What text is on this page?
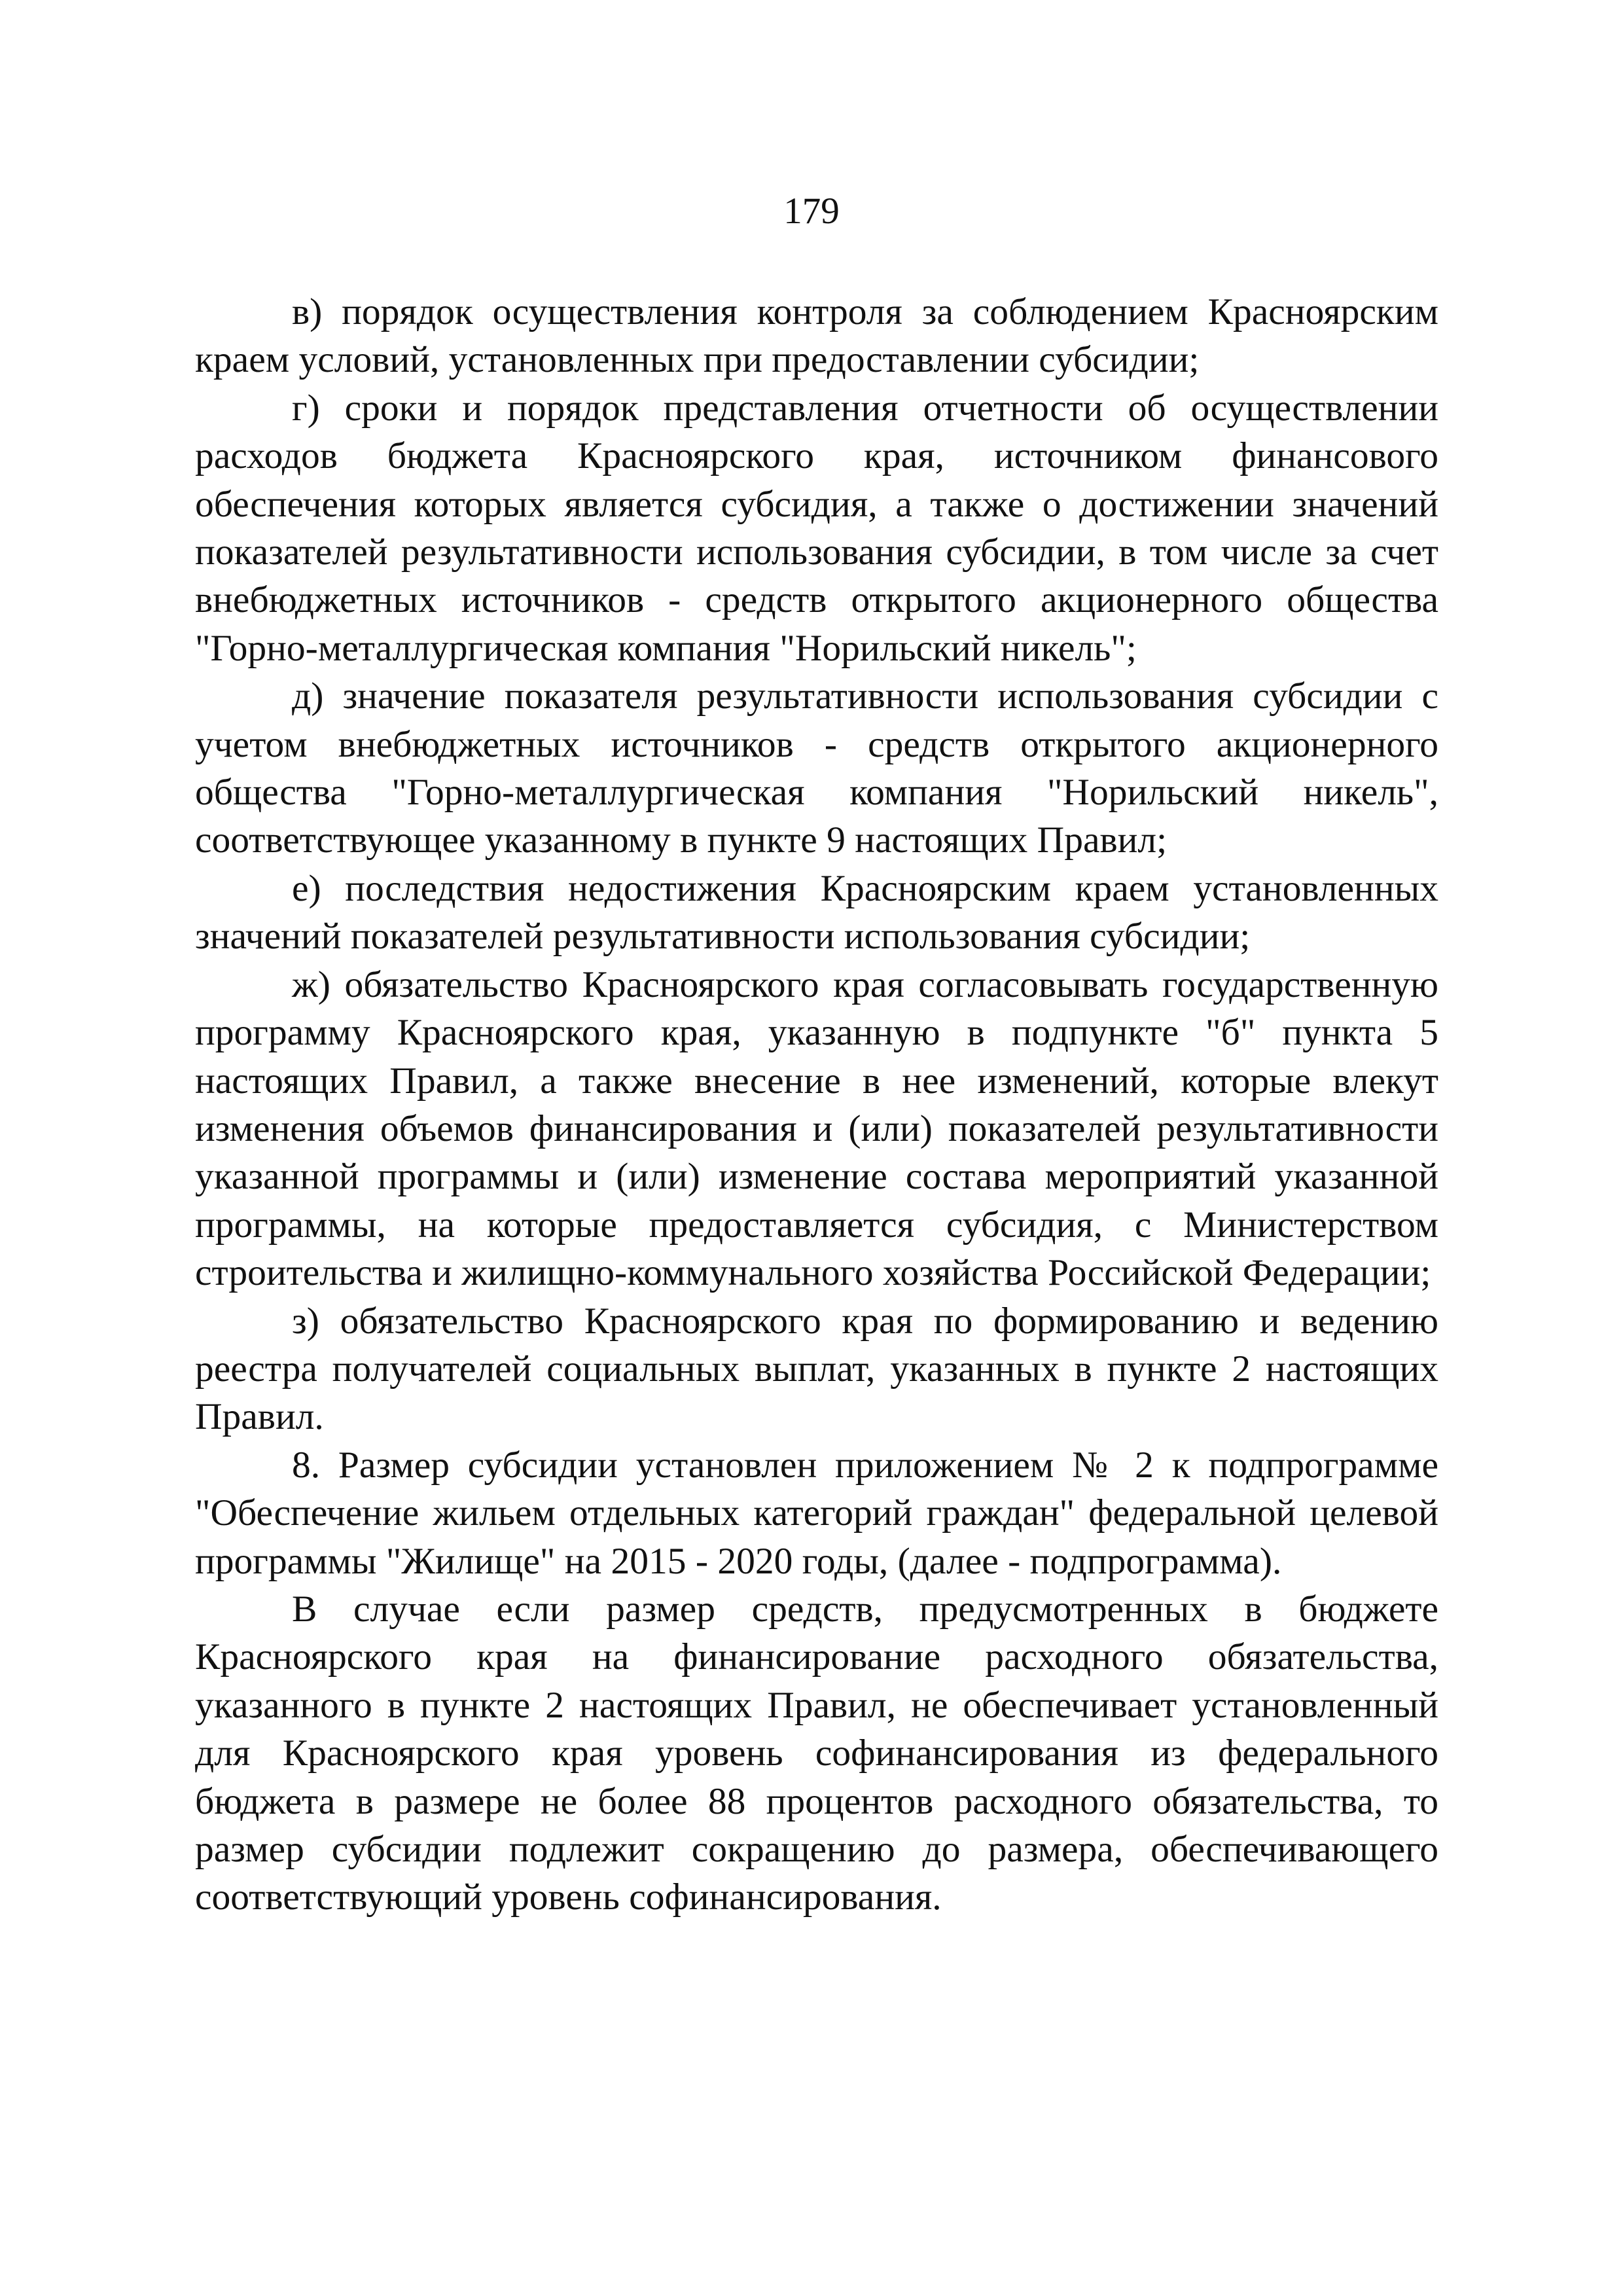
179

в) порядок осуществления контроля за соблюдением Красноярским краем условий, установленных при предоставлении субсидии;

г) сроки и порядок представления отчетности об осуществлении расходов бюджета Красноярского края, источником финансового обеспечения которых является субсидия, а также о достижении значений показателей результативности использования субсидии, в том числе за счет внебюджетных источников - средств открытого акционерного общества "Горно-металлургическая компания "Норильский никель";

д) значение показателя результативности использования субсидии с учетом внебюджетных источников - средств открытого акционерного общества "Горно-металлургическая компания "Норильский никель", соответствующее указанному в пункте 9 настоящих Правил;

е) последствия недостижения Красноярским краем установленных значений показателей результативности использования субсидии;

ж) обязательство Красноярского края согласовывать государственную программу Красноярского края, указанную в подпункте "б" пункта 5 настоящих Правил, а также внесение в нее изменений, которые влекут изменения объемов финансирования и (или) показателей результативности указанной программы и (или) изменение состава мероприятий указанной программы, на которые предоставляется субсидия, с Министерством строительства и жилищно-коммунального хозяйства Российской Федерации;

з) обязательство Красноярского края по формированию и ведению реестра получателей социальных выплат, указанных в пункте 2 настоящих Правил.

8. Размер субсидии установлен приложением № 2 к подпрограмме "Обеспечение жильем отдельных категорий граждан" федеральной целевой программы "Жилище" на 2015 - 2020 годы, (далее - подпрограмма).

В случае если размер средств, предусмотренных в бюджете Красноярского края на финансирование расходного обязательства, указанного в пункте 2 настоящих Правил, не обеспечивает установленный для Красноярского края уровень софинансирования из федерального бюджета в размере не более 88 процентов расходного обязательства, то размер субсидии подлежит сокращению до размера, обеспечивающего соответствующий уровень софинансирования.
